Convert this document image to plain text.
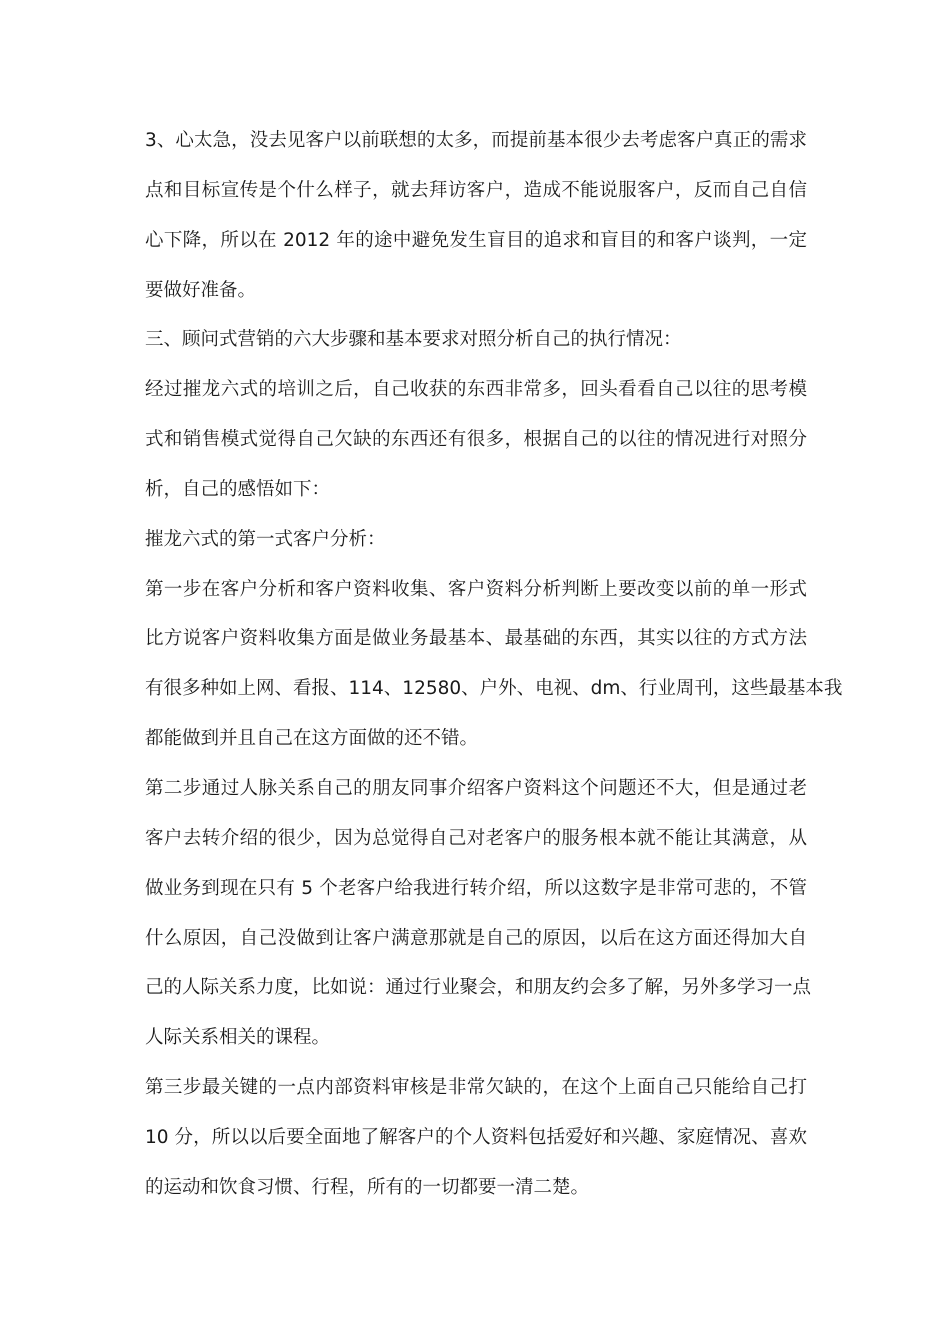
3、心太急，没去见客户以前联想的太多，而提前基本很少去考虑客户真正的需求
点和目标宣传是个什么样子，就去拜访客户，造成不能说服客户，反而自己自信
心下降，所以在 2012 年的途中避免发生盲目的追求和盲目的和客户谈判，一定
要做好准备。
三、顾问式营销的六大步骤和基本要求对照分析自己的执行情况：
经过摧龙六式的培训之后，自己收获的东西非常多，回头看看自己以往的思考模
式和销售模式觉得自己欠缺的东西还有很多，根据自己的以往的情况进行对照分
析，自己的感悟如下：
摧龙六式的第一式客户分析：
第一步在客户分析和客户资料收集、客户资料分析判断上要改变以前的单一形式
比方说客户资料收集方面是做业务最基本、最基础的东西，其实以往的方式方法
有很多种如上网、看报、114、12580、户外、电视、dm、行业周刊，这些最基本我
都能做到并且自己在这方面做的还不错。
第二步通过人脉关系自己的朋友同事介绍客户资料这个问题还不大，但是通过老
客户去转介绍的很少，因为总觉得自己对老客户的服务根本就不能让其满意，从
做业务到现在只有 5 个老客户给我进行转介绍，所以这数字是非常可悲的，不管
什么原因，自己没做到让客户满意那就是自己的原因，以后在这方面还得加大自
己的人际关系力度，比如说：通过行业聚会，和朋友约会多了解，另外多学习一点
人际关系相关的课程。
第三步最关键的一点内部资料审核是非常欠缺的，在这个上面自己只能给自己打
10 分，所以以后要全面地了解客户的个人资料包括爱好和兴趣、家庭情况、喜欢
的运动和饮食习惯、行程，所有的一切都要一清二楚。
